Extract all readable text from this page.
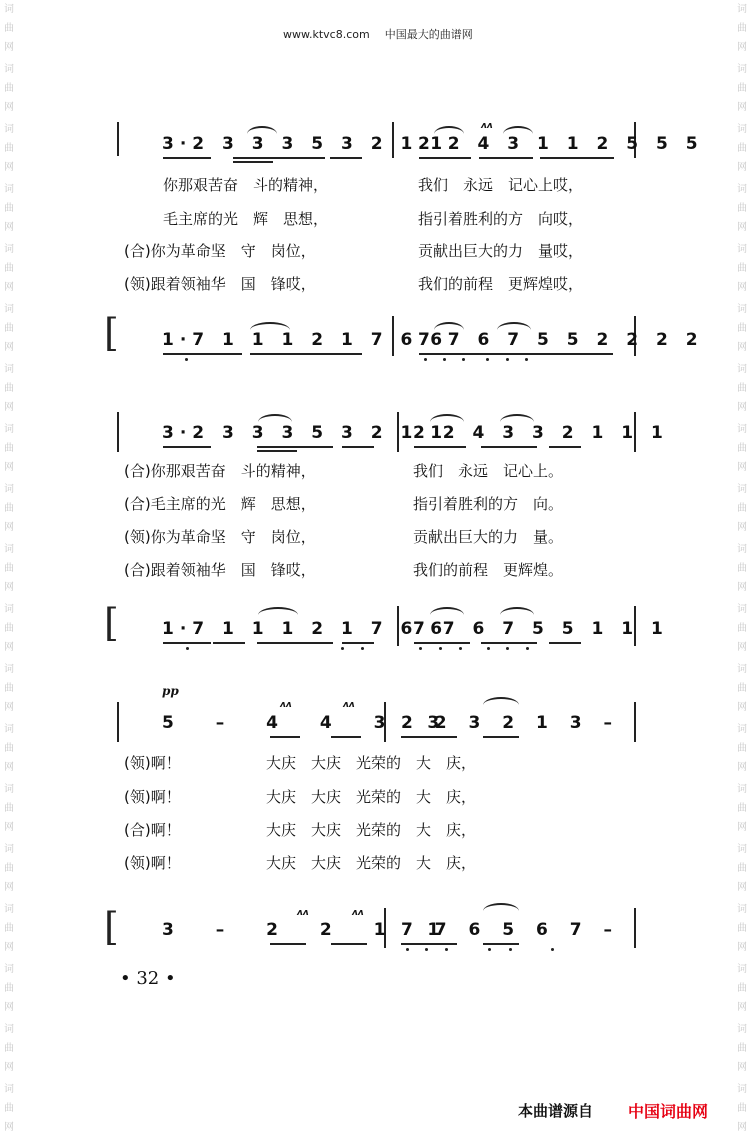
词
曲
网
词
曲
网
词
曲
网
词
曲
网
词
曲
网
词
曲
网
词
曲
网
词
曲
网
词
曲
网
词
曲
网
词
曲
网
词
曲
网
词
曲
网
词
曲
网
词
曲
网
词
曲
网
词
曲
网
词
曲
网
词
曲
网
词
曲
网
词
曲
网
词
曲
网
词
曲
网
词
曲
网
词
曲
网
词
曲
网
词
曲
网
词
曲
网
词
曲
网
词
曲
网
词
曲
网
词
曲
网
词
曲
网
词
曲
网
词
曲
网
词
曲
网
词
曲
网
词
曲
网
www.ktvc8.com 中国最大的曲谱网
3·2 3 3 3 5 3 2 1 1
2 2 4 3 1 1 2 5 5 5
ʌʌ
你那艰苦奋　斗的精神，	我们　永远　记心上哎，
毛主席的光　辉　思想，	指引着胜利的方　向哎，
(合)你为革命坚　守　岗位，	贡献出巨大的力　量哎，
(领)跟着领袖华　国　锋哎，	我们的前程　更辉煌哎，
[	1·7 1 1 1 2 1 7 6 6
7 7 6 7 5 5 2 2 2 2
3·2 3 3 3 5 3 2 1 1
2 2 4 3 3 2 1 1 1
(合)你那艰苦奋　斗的精神，	我们　永远　记心上。
(合)毛主席的光　辉　思想，	指引着胜利的方　向。
(领)你为革命坚　守　岗位，	贡献出巨大的力　量。
(合)跟着领袖华　国　锋哎，	我们的前程　更辉煌。
[	1·7 1 1 1 2 1 7 6 6
7 7 6 7 5 5 1 1 1
pp
5 – 4 4 3 3
2 2 3 2 1 3 –
ʌʌ	ʌʌ
(领)啊！	大庆　大庆　光荣的　大　庆，
(领)啊！	大庆　大庆　光荣的　大　庆，
(合)啊！	大庆　大庆　光荣的　大　庆，
(领)啊！	大庆　大庆　光荣的　大　庆，
[	3 – 2 2 1 1
7 7 6 5 6 7 –
ʌʌ	ʌʌ
• 32 •
本曲谱源自 中国词曲网
